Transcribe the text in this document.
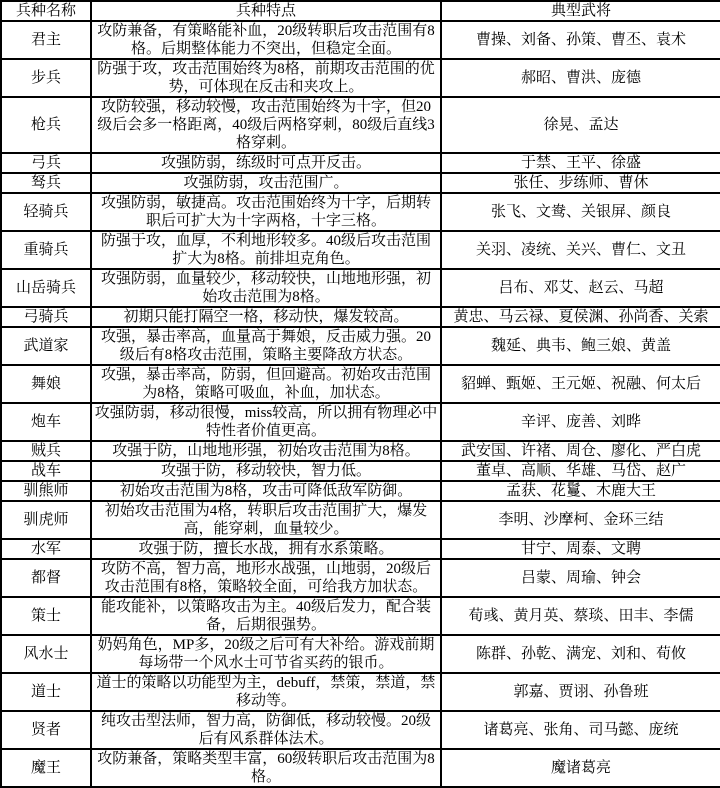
兵种名称	兵种特点	典型武将
君主	攻防兼备，有策略能补血，20级转职后攻击范围有8格。后期整体能力不突出，但稳定全面。	曹操、刘备、孙策、曹丕、袁术
步兵	防强于攻，攻击范围始终为8格，前期攻击范围的优势，可体现在反击和夹攻上。	郝昭、曹洪、庞德
枪兵	攻防较强，移动较慢，攻击范围始终为十字，但20级后会多一格距离，40级后两格穿刺，80级后直线3格穿刺。	徐晃、孟达
弓兵	攻强防弱，练级时可点开反击。	于禁、王平、徐盛
驽兵	攻强防弱，攻击范围广。	张任、步练师、曹休
轻骑兵	攻强防弱，敏捷高。攻击范围始终为十字，后期转职后可扩大为十字两格，十字三格。	张飞、文鸯、关银屏、颜良
重骑兵	防强于攻，血厚，不利地形较多。40级后攻击范围扩大为8格。前排坦克角色。	关羽、凌统、关兴、曹仁、文丑
山岳骑兵	攻强防弱，血量较少，移动较快，山地地形强，初始攻击范围为8格。	吕布、邓艾、赵云、马超
弓骑兵	初期只能打隔空一格，移动快，爆发较高。	黄忠、马云禄、夏侯渊、孙尚香、关索
武道家	攻强，暴击率高，血量高于舞娘，反击威力强。20级后有8格攻击范围，策略主要降敌方状态。	魏延、典韦、鲍三娘、黄盖
舞娘	攻强，暴击率高，防弱，但回避高。初始攻击范围为8格，策略可吸血，补血，加状态。	貂蝉、甄姬、王元姬、祝融、何太后
炮车	攻强防弱，移动很慢，miss较高，所以拥有物理必中特性者价值更高。	辛评、庞善、刘晔
贼兵	攻强于防，山地地形强，初始攻击范围为8格。	武安国、许褚、周仓、廖化、严白虎
战车	攻强于防，移动较快，智力低。	董卓、高顺、华雄、马岱、赵广
驯熊师	初始攻击范围为8格，攻击可降低敌军防御。	孟获、花鬘、木鹿大王
驯虎师	初始攻击范围为4格，转职后攻击范围扩大，爆发高，能穿刺，血量较少。	李明、沙摩柯、金环三结
水军	攻强于防，擅长水战，拥有水系策略。	甘宁、周泰、文聘
都督	攻防不高，智力高，地形水战强，山地弱，20级后攻击范围有8格，策略较全面，可给我方加状态。	吕蒙、周瑜、钟会
策士	能攻能补，以策略攻击为主。40级后发力，配合装备，后期很强势。	荀彧、黄月英、蔡琰、田丰、李儒
风水士	奶妈角色，MP多，20级之后可有大补给。游戏前期每场带一个风水士可节省买药的银币。	陈群、孙乾、满宠、刘和、荀攸
道士	道士的策略以功能型为主，debuff，禁策，禁道，禁移动等。	郭嘉、贾诩、孙鲁班
贤者	纯攻击型法师，智力高，防御低，移动较慢。20级后有风系群体法术。	诸葛亮、张角、司马懿、庞统
魔王	攻防兼备，策略类型丰富，60级转职后攻击范围为8格。	魔诸葛亮
